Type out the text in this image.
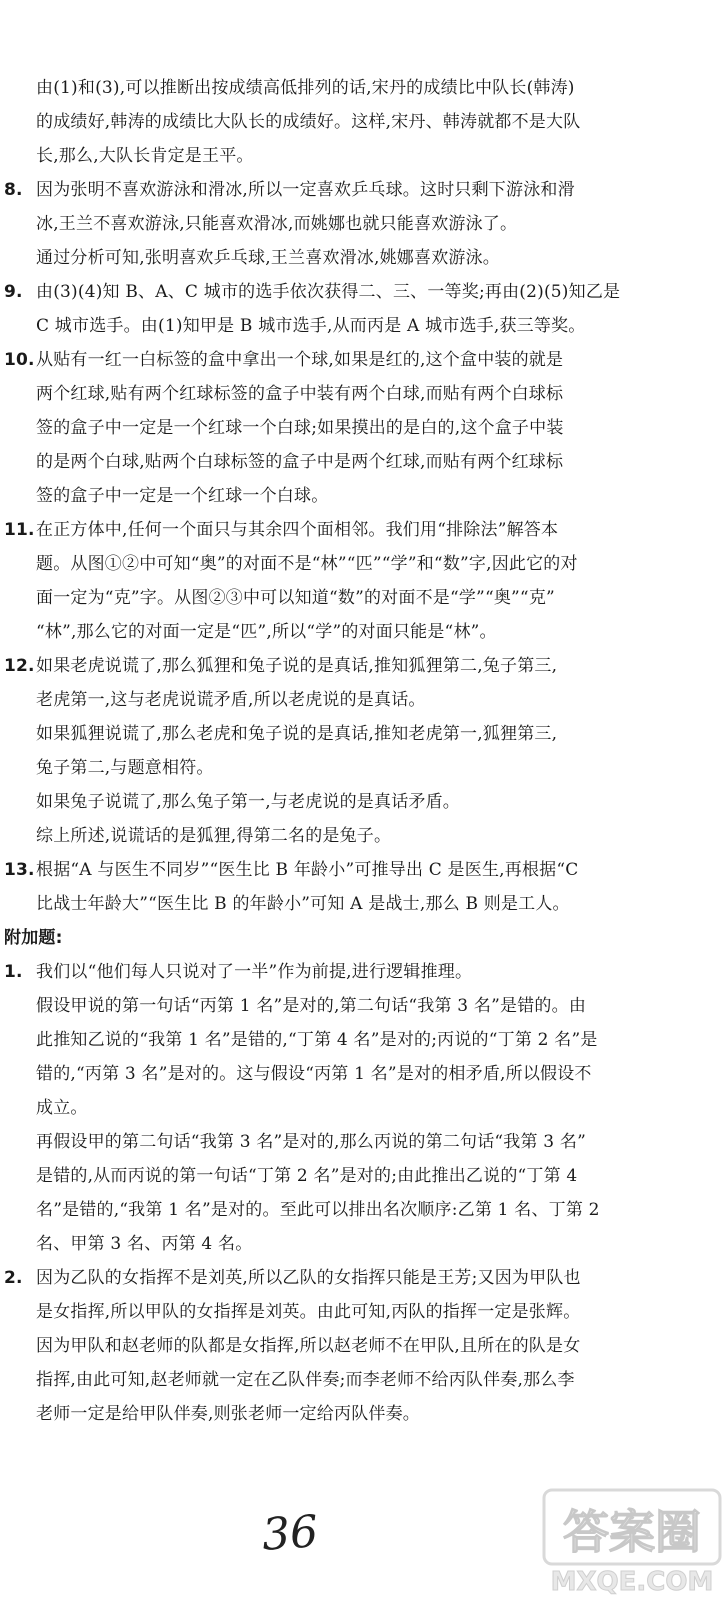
由(1)和(3),可以推断出按成绩高低排列的话,宋丹的成绩比中队长(韩涛)
的成绩好,韩涛的成绩比大队长的成绩好。这样,宋丹、韩涛就都不是大队
长,那么,大队长肯定是王平。
8. 因为张明不喜欢游泳和滑冰,所以一定喜欢乒乓球。这时只剩下游泳和滑
冰,王兰不喜欢游泳,只能喜欢滑冰,而姚娜也就只能喜欢游泳了。
通过分析可知,张明喜欢乒乓球,王兰喜欢滑冰,姚娜喜欢游泳。
9. 由(3)(4)知 B、A、C 城市的选手依次获得二、三、一等奖;再由(2)(5)知乙是
C 城市选手。由(1)知甲是 B 城市选手,从而丙是 A 城市选手,获三等奖。
10.从贴有一红一白标签的盒中拿出一个球,如果是红的,这个盒中装的就是
两个红球,贴有两个红球标签的盒子中装有两个白球,而贴有两个白球标
签的盒子中一定是一个红球一个白球;如果摸出的是白的,这个盒子中装
的是两个白球,贴两个白球标签的盒子中是两个红球,而贴有两个红球标
签的盒子中一定是一个红球一个白球。
11.在正方体中,任何一个面只与其余四个面相邻。我们用“排除法”解答本
题。从图①②中可知“奥”的对面不是“林”“匹”“学”和“数”字,因此它的对
面一定为“克”字。从图②③中可以知道“数”的对面不是“学”“奥”“克”
“林”,那么它的对面一定是“匹”,所以“学”的对面只能是“林”。
12.如果老虎说谎了,那么狐狸和兔子说的是真话,推知狐狸第二,兔子第三,
老虎第一,这与老虎说谎矛盾,所以老虎说的是真话。
如果狐狸说谎了,那么老虎和兔子说的是真话,推知老虎第一,狐狸第三,
兔子第二,与题意相符。
如果兔子说谎了,那么兔子第一,与老虎说的是真话矛盾。
综上所述,说谎话的是狐狸,得第二名的是兔子。
13.根据“A 与医生不同岁”“医生比 B 年龄小”可推导出 C 是医生,再根据“C
比战士年龄大”“医生比 B 的年龄小”可知 A 是战士,那么 B 则是工人。
附加题:
1. 我们以“他们每人只说对了一半”作为前提,进行逻辑推理。
假设甲说的第一句话“丙第 1 名”是对的,第二句话“我第 3 名”是错的。由
此推知乙说的“我第 1 名”是错的,“丁第 4 名”是对的;丙说的“丁第 2 名”是
错的,“丙第 3 名”是对的。这与假设“丙第 1 名”是对的相矛盾,所以假设不
成立。
再假设甲的第二句话“我第 3 名”是对的,那么丙说的第二句话“我第 3 名”
是错的,从而丙说的第一句话“丁第 2 名”是对的;由此推出乙说的“丁第 4
名”是错的,“我第 1 名”是对的。至此可以排出名次顺序:乙第 1 名、丁第 2
名、甲第 3 名、丙第 4 名。
2. 因为乙队的女指挥不是刘英,所以乙队的女指挥只能是王芳;又因为甲队也
是女指挥,所以甲队的女指挥是刘英。由此可知,丙队的指挥一定是张辉。
因为甲队和赵老师的队都是女指挥,所以赵老师不在甲队,且所在的队是女
指挥,由此可知,赵老师就一定在乙队伴奏;而李老师不给丙队伴奏,那么李
老师一定是给甲队伴奏,则张老师一定给丙队伴奏。
36	答案圈
MXQE.COM
